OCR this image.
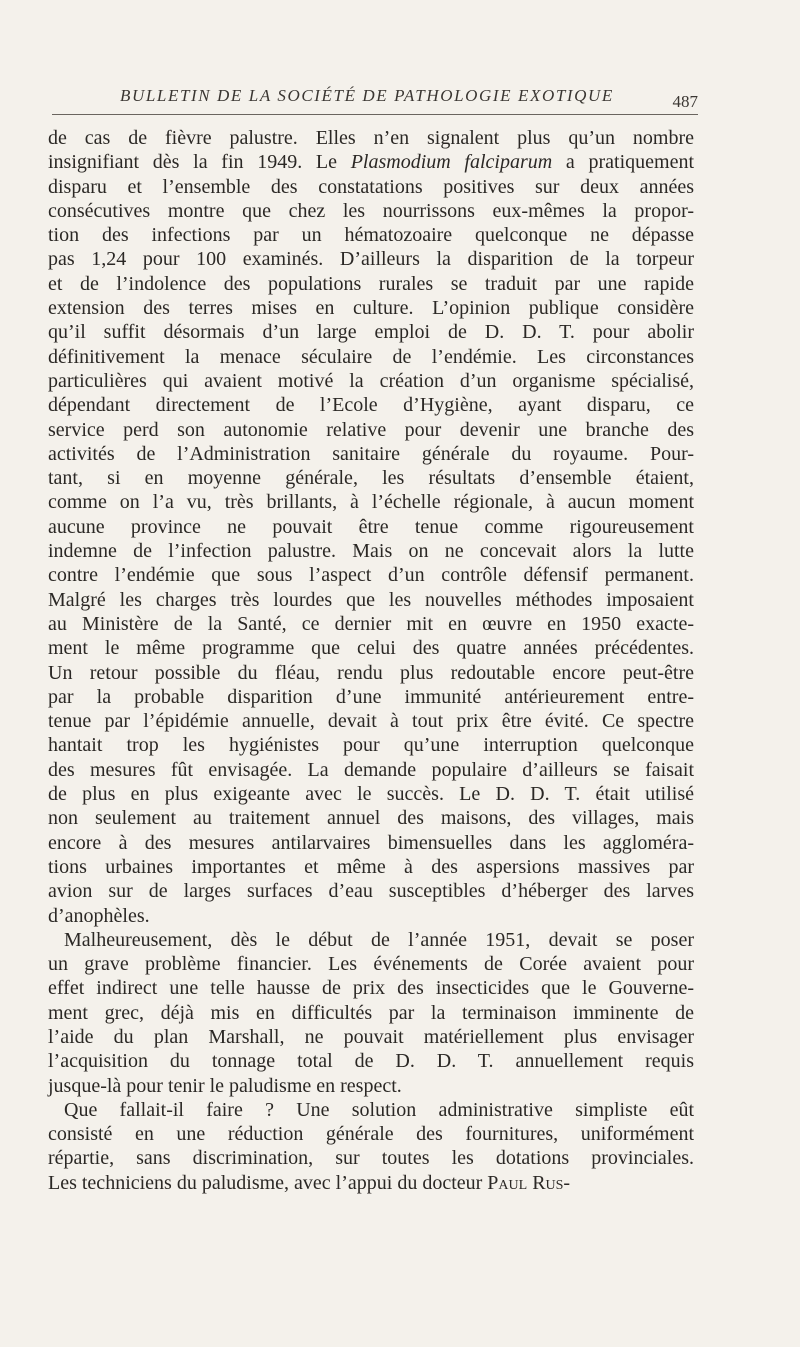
BULLETIN DE LA SOCIÉTÉ DE PATHOLOGIE EXOTIQUE	487
de cas de fièvre palustre. Elles n’en signalent plus qu’un nombre
insignifiant dès la fin 1949. Le Plasmodium falciparum a pratiquement
disparu et l’ensemble des constatations positives sur deux années
consécutives montre que chez les nourrissons eux-mêmes la propor-
tion des infections par un hématozoaire quelconque ne dépasse
pas 1,24 pour 100 examinés. D’ailleurs la disparition de la torpeur
et de l’indolence des populations rurales se traduit par une rapide
extension des terres mises en culture. L’opinion publique considère
qu’il suffit désormais d’un large emploi de D. D. T. pour abolir
définitivement la menace séculaire de l’endémie. Les circonstances
particulières qui avaient motivé la création d’un organisme spécialisé,
dépendant directement de l’Ecole d’Hygiène, ayant disparu, ce
service perd son autonomie relative pour devenir une branche des
activités de l’Administration sanitaire générale du royaume. Pour-
tant, si en moyenne générale, les résultats d’ensemble étaient,
comme on l’a vu, très brillants, à l’échelle régionale, à aucun moment
aucune province ne pouvait être tenue comme rigoureusement
indemne de l’infection palustre. Mais on ne concevait alors la lutte
contre l’endémie que sous l’aspect d’un contrôle défensif permanent.
Malgré les charges très lourdes que les nouvelles méthodes imposaient
au Ministère de la Santé, ce dernier mit en œuvre en 1950 exacte-
ment le même programme que celui des quatre années précédentes.
Un retour possible du fléau, rendu plus redoutable encore peut-être
par la probable disparition d’une immunité antérieurement entre-
tenue par l’épidémie annuelle, devait à tout prix être évité. Ce spectre
hantait trop les hygiénistes pour qu’une interruption quelconque
des mesures fût envisagée. La demande populaire d’ailleurs se faisait
de plus en plus exigeante avec le succès. Le D. D. T. était utilisé
non seulement au traitement annuel des maisons, des villages, mais
encore à des mesures antilarvaires bimensuelles dans les aggloméra-
tions urbaines importantes et même à des aspersions massives par
avion sur de larges surfaces d’eau susceptibles d’héberger des larves
d’anophèles.
Malheureusement, dès le début de l’année 1951, devait se poser
un grave problème financier. Les événements de Corée avaient pour
effet indirect une telle hausse de prix des insecticides que le Gouverne-
ment grec, déjà mis en difficultés par la terminaison imminente de
l’aide du plan Marshall, ne pouvait matériellement plus envisager
l’acquisition du tonnage total de D. D. T. annuellement requis
jusque-là pour tenir le paludisme en respect.
Que fallait-il faire ? Une solution administrative simpliste eût
consisté en une réduction générale des fournitures, uniformément
répartie, sans discrimination, sur toutes les dotations provinciales.
Les techniciens du paludisme, avec l’appui du docteur Paul Rus-
